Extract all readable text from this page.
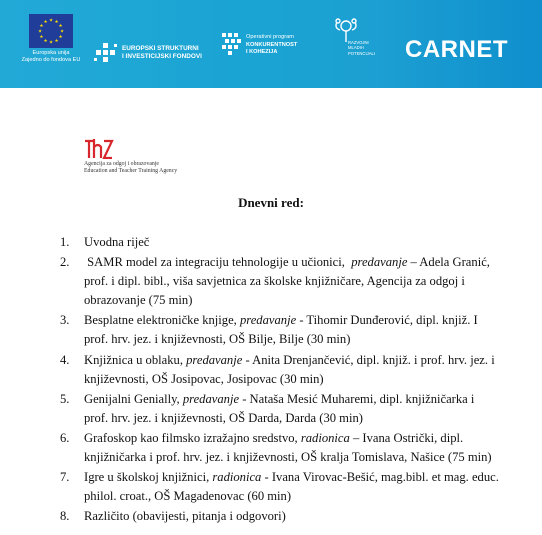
★ ★
★
★
★
★
★
★
★
★
★
★
Europska unija
Zajedno do fondova EU
EUROPSKI STRUKTURNI
I INVESTICIJSKI FONDOVI
Operativni program
KONKURENTNOST
I KOHEZIJA
RAZVOJNI
MLADIH
POTENCIJALI CARNET
Agencija za odgoj i obrazovanje
Education and Teacher Training Agency
Dnevni red:
1. Uvodna riječ
2. SAMR model za integraciju tehnologije u učionici,  predavanje – Adela Granić,
prof. i dipl. bibl., viša savjetnica za školske knjižničare, Agencija za odgoj i
obrazovanje (75 min)
3. Besplatne elektroničke knjige, predavanje - Tihomir Dunđerović, dipl. knjiž. I
prof. hrv. jez. i književnosti, OŠ Bilje, Bilje (30 min)
4. Knjižnica u oblaku, predavanje - Anita Drenjančević, dipl. knjiž. i prof. hrv. jez. i
književnosti, OŠ Josipovac, Josipovac (30 min)
5. Genijalni Genially, predavanje - Nataša Mesić Muharemi, dipl. knjižničarka i
prof. hrv. jez. i književnosti, OŠ Darda, Darda (30 min)
6. Grafoskop kao filmsko izražajno sredstvo, radionica – Ivana Ostrički, dipl.
knjižničarka i prof. hrv. jez. i književnosti, OŠ kralja Tomislava, Našice (75 min)
7. Igre u školskoj knjižnici, radionica - Ivana Virovac-Bešić, mag.bibl. et mag. educ.
philol. croat., OŠ Magadenovac (60 min)
8. Različito (obavijesti, pitanja i odgovori)
